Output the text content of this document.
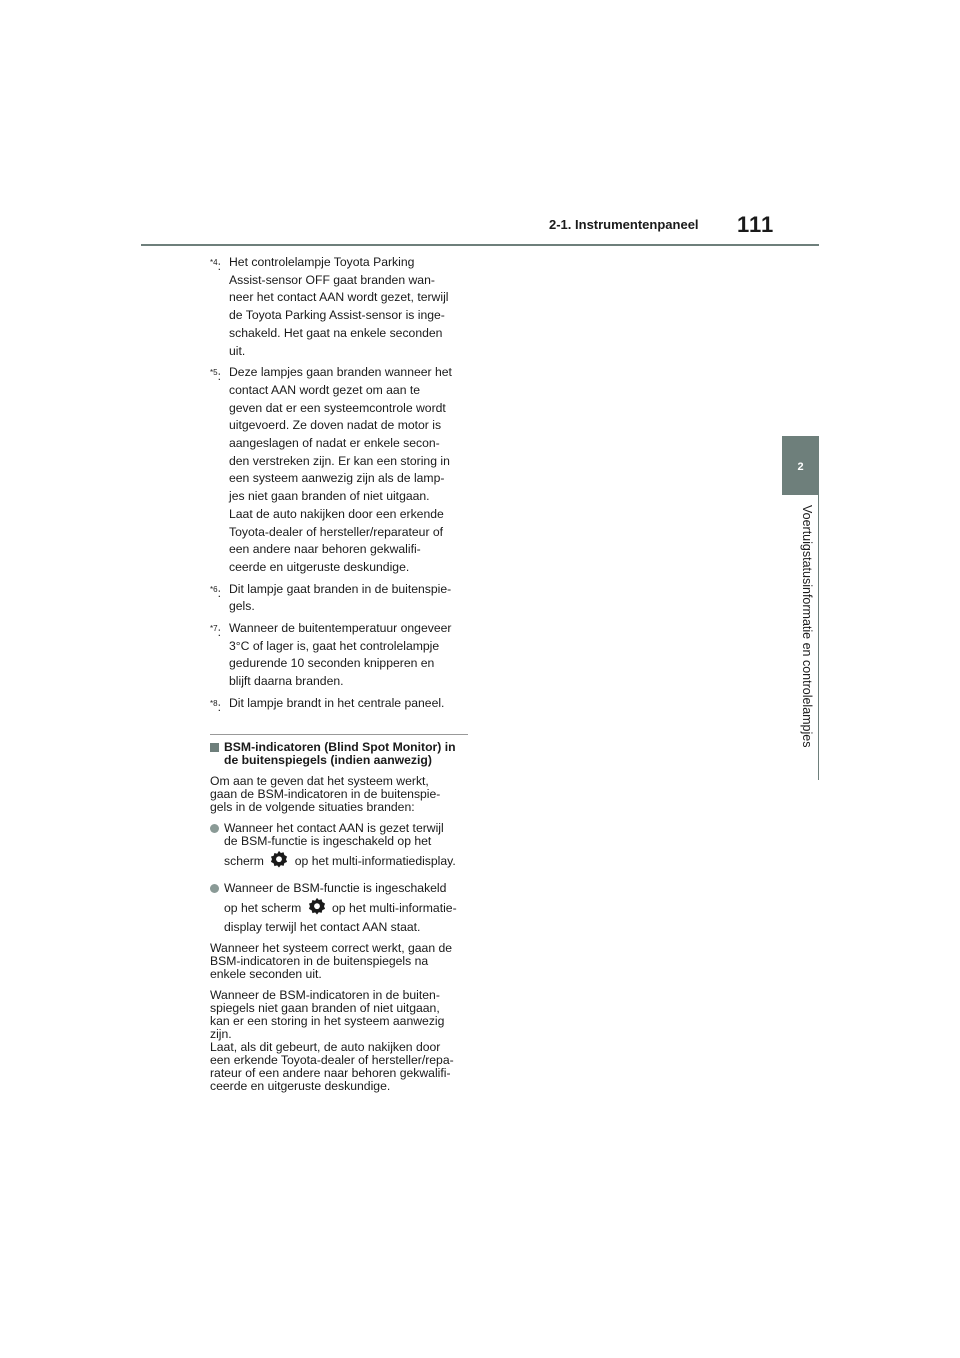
2-1. Instrumentenpaneel 111
2
Voertuigstatusinformatie en controlelampjes
$^{*4}$: Het controlelampje Toyota Parking
Assist-sensor OFF gaat branden wan-
neer het contact AAN wordt gezet, terwijl
de Toyota Parking Assist-sensor is inge-
schakeld. Het gaat na enkele seconden
uit.
$^{*5}$: Deze lampjes gaan branden wanneer het
contact AAN wordt gezet om aan te
geven dat er een systeemcontrole wordt
uitgevoerd. Ze doven nadat de motor is
aangeslagen of nadat er enkele secon-
den verstreken zijn. Er kan een storing in
een systeem aanwezig zijn als de lamp-
jes niet gaan branden of niet uitgaan.
Laat de auto nakijken door een erkende
Toyota-dealer of hersteller/reparateur of
een andere naar behoren gekwalifi-
ceerde en uitgeruste deskundige.
$^{*6}$: Dit lampje gaat branden in de buitenspie-
gels.
$^{*7}$: Wanneer de buitentemperatuur ongeveer
3°C of lager is, gaat het controlelampje
gedurende 10 seconden knipperen en
blijft daarna branden.
$^{*8}$: Dit lampje brandt in het centrale paneel.
BSM-indicatoren (Blind Spot Monitor) in
de buitenspiegels (indien aanwezig)
Om aan te geven dat het systeem werkt,
gaan de BSM-indicatoren in de buitenspie-
gels in de volgende situaties branden:
Wanneer het contact AAN is gezet terwijl
de BSM-functie is ingeschakeld op het
scherm	op het multi-informatiedisplay.
Wanneer de BSM-functie is ingeschakeld
op het scherm	op het multi-informatie-
display terwijl het contact AAN staat.
Wanneer het systeem correct werkt, gaan de
BSM-indicatoren in de buitenspiegels na
enkele seconden uit.
Wanneer de BSM-indicatoren in de buiten-
spiegels niet gaan branden of niet uitgaan,
kan er een storing in het systeem aanwezig
zijn.
Laat, als dit gebeurt, de auto nakijken door
een erkende Toyota-dealer of hersteller/repa-
rateur of een andere naar behoren gekwalifi-
ceerde en uitgeruste deskundige.
